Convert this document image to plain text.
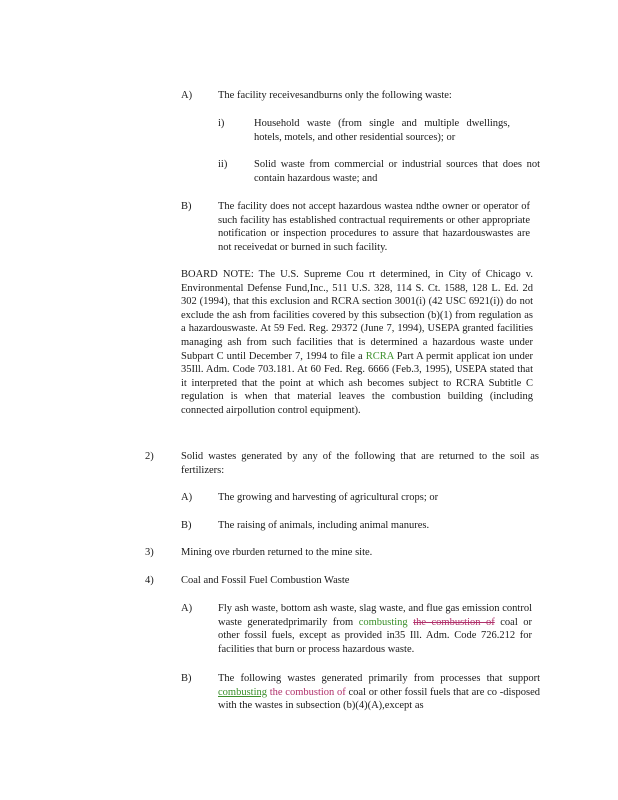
A) The facility receivesandburns only the following waste:

i)	Household waste (from single and multiple dwellings, hotels, motels, and other residential sources); or

ii)	Solid waste from commercial or industrial sources that does not contain hazardous waste; and

B)	The facility does not accept hazardous wastea ndthe owner or operator of such facility has established contractual requirements or other appropriate notification or inspection procedures to assure that hazardouswastes are not receivedat or burned in such facility.

BOARD NOTE: The U.S. Supreme Cou rt determined, in City of Chicago v. Environmental Defense Fund,Inc., 511 U.S. 328, 114 S. Ct. 1588, 128 L. Ed. 2d 302 (1994), that this exclusion and RCRA section 3001(i) (42 USC 6921(i)) do not exclude the ash from facilities covered by this subsection (b)(1) from regulation as a hazardouswaste. At 59 Fed. Reg. 29372 (June 7, 1994), USEPA granted facilities managing ash from such facilities that is determined a hazardous waste under Subpart C until December 7, 1994 to file a RCRA Part A permit applicat ion under 35Ill. Adm. Code 703.181. At 60 Fed. Reg. 6666 (Feb.3, 1995), USEPA stated that it interpreted that the point at which ash becomes subject to RCRA Subtitle C regulation is when that material leaves the combustion building (including connected airpollution control equipment).

2)	Solid wastes generated by any of the following that are returned to the soil as fertilizers:

A) The growing and harvesting of agricultural crops; or

B)	The raising of animals, including animal manures.

3)	Mining ove rburden returned to the mine site.

4)	Coal and Fossil Fuel Combustion Waste

A) Fly ash waste, bottom ash waste, slag waste, and flue gas emission control waste generatedprimarily from combusting the combustion of coal or other fossil fuels, except as provided in35 Ill. Adm. Code 726.212 for facilities that burn or process hazardous waste.

B)	The following wastes generated primarily from processes that support combusting the combustion of coal or other fossil fuels that are co -disposed with the wastes in subsection (b)(4)(A),except as
